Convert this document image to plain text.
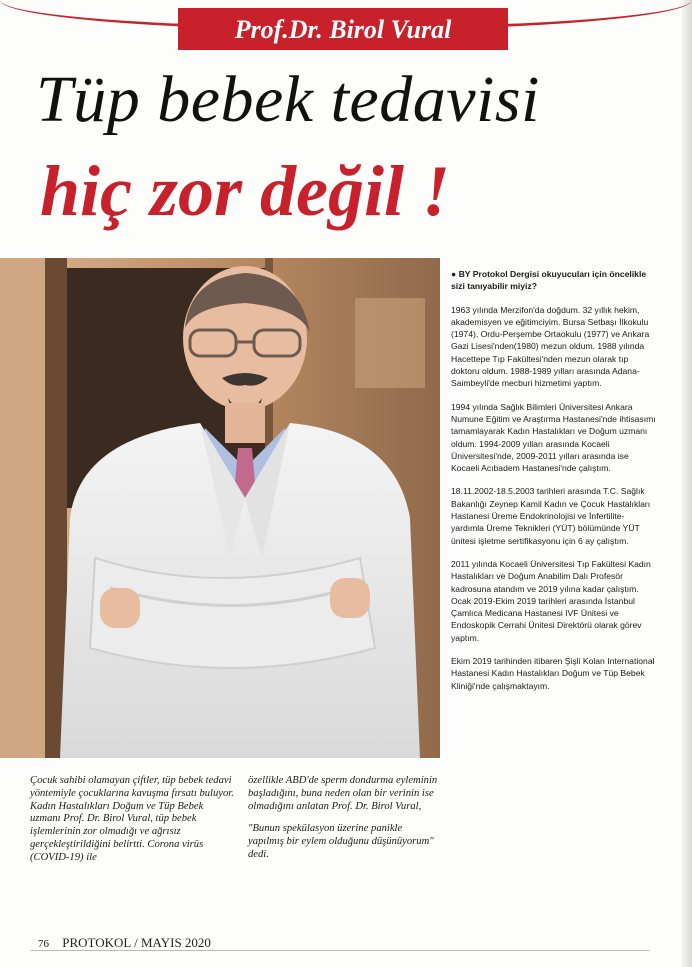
Prof.Dr. Birol Vural
Tüp bebek tedavisi
hiç zor değil !

● BY Protokol Dergisi okuyucuları için öncelikle sizi tanıyabilir miyiz?

1963 yılında Merzifon'da doğdum. 32 yıllık hekim, akademisyen ve eğitimciyim. Bursa Setbaşı İlkokulu (1974), Ordu-Perşembe Ortaokulu (1977) ve Ankara Gazi Lisesi'nden(1980) mezun oldum. 1988 yılında Hacettepe Tıp Fakültesi'nden mezun olarak tıp doktoru oldum. 1988-1989 yılları arasında Adana-Saimbeyli'de mecburi hizmetimi yaptım.

1994 yılında Sağlık Bilimleri Üniversitesi Ankara Numune Eğitim ve Araştırma Hastanesi'nde ihtisasımı tamamlayarak Kadın Hastalıkları ve Doğum uzmanı oldum. 1994-2009 yılları arasında Kocaeli Üniversitesi'nde, 2009-2011 yılları arasında ise Kocaeli Acıbadem Hastanesi'nde çalıştım.

18.11.2002-18.5.2003 tarihleri arasında T.C. Sağlık Bakanlığı Zeynep Kamil Kadın ve Çocuk Hastalıkları Hastanesi Üreme Endokrinolojisi ve İnfertilite-yardımla Üreme Teknikleri (YÜT) bölümünde YÜT ünitesi işletme sertifikasyonu için 6 ay çalıştım.

2011 yılında Kocaeli Üniversitesi Tıp Fakültesi Kadın Hastalıkları ve Doğum Anabilim Dalı Profesör kadrosuna atandım ve 2019 yılına kadar çalıştım. Ocak 2019-Ekim 2019 tarihleri arasında İstanbul Çamlıca Medicana Hastanesi IVF Ünitesi ve Endoskopik Cerrahi Ünitesi Direktörü olarak görev yaptım.

Ekim 2019 tarihinden itibaren Şişli Kolan International Hastanesi Kadın Hastalıkları Doğum ve Tüp Bebek Kliniği'nde çalışmaktayım.

Çocuk sahibi olamayan çiftler, tüp bebek tedavi yöntemiyle çocuklarına kavuşma fırsatı buluyor. Kadın Hastalıkları Doğum ve Tüp Bebek uzmanı Prof. Dr. Birol Vural, tüp bebek işlemlerinin zor olmadığı ve ağrısız gerçekleştirildiğini belirtti. Corona virüs (COVID-19) ile

özellikle ABD'de sperm dondurma eyleminin başladığını, buna neden olan bir verinin ise olmadığını anlatan Prof. Dr. Birol Vural,

"Bunun spekülasyon üzerine panikle yapılmış bir eylem olduğunu düşünüyorum" dedi.

76 PROTOKOL / MAYIS 2020
